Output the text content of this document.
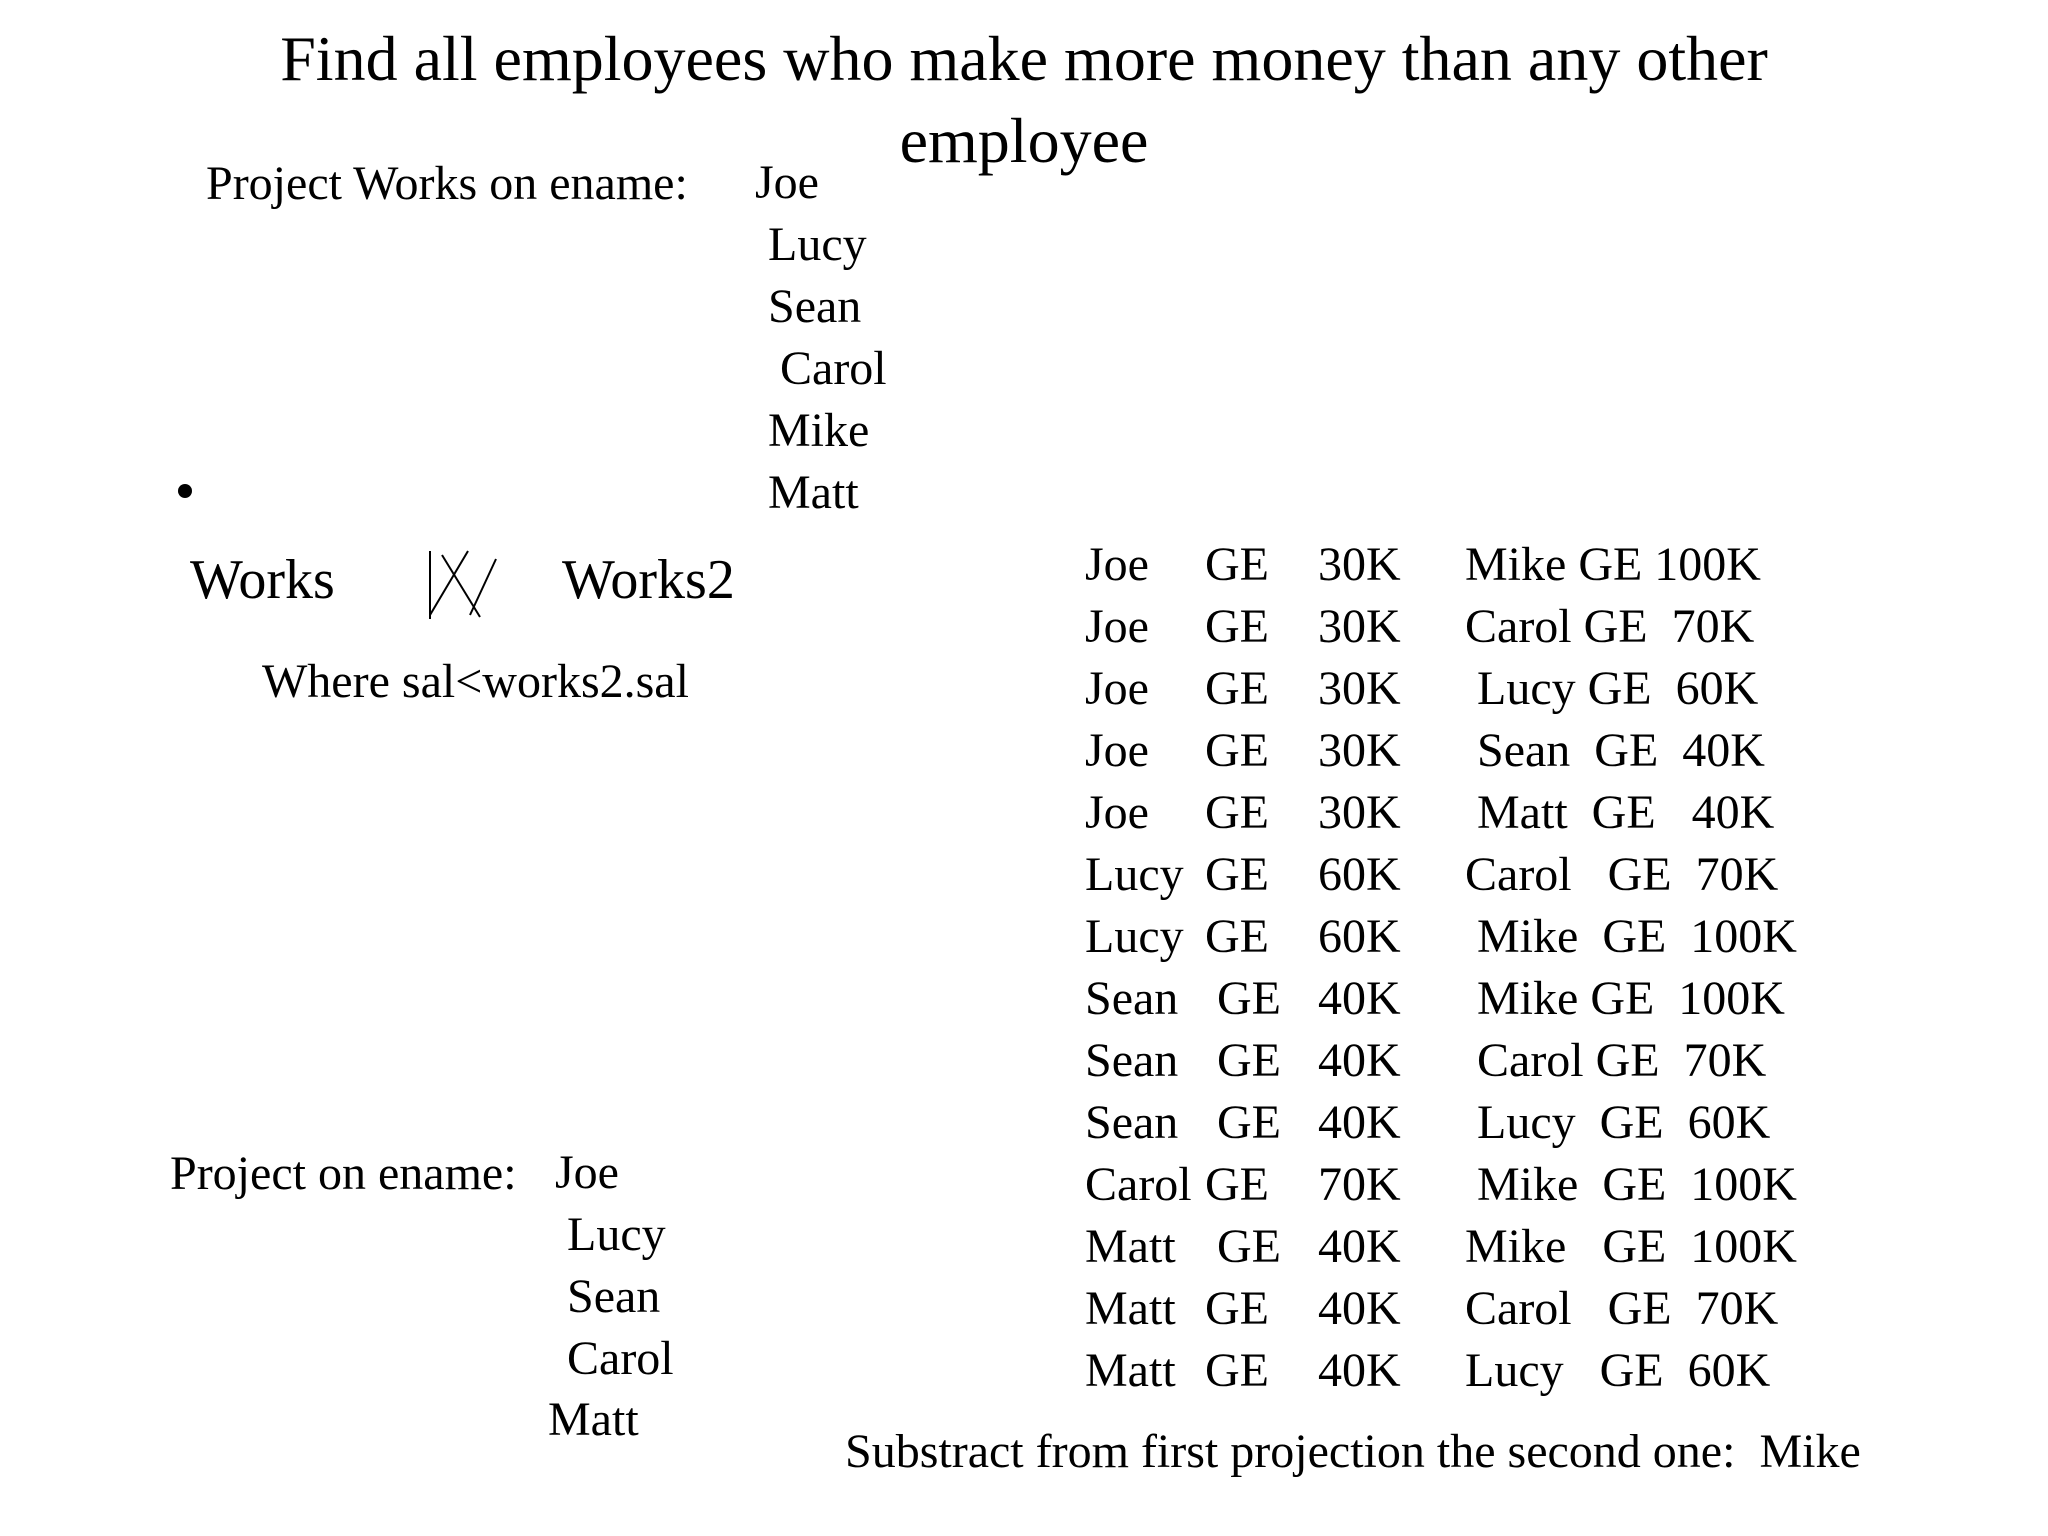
Find all employees who make more money than any other
employee
Project Works on ename: Joe
Lucy
Sean
Carol
Mike
Matt
Works	Works2
Where sal<works2.sal
Project on ename: Joe
Lucy
Sean
Carol
Matt
Joe
Joe
Joe
Joe
Joe
Lucy
Lucy
Sean
Sean
Sean
Carol
Matt
Matt
Matt
GE
GE
GE
GE
GE
GE
GE
GE
GE
GE
GE
GE
GE
GE
30K
30K
30K
30K
30K
60K
60K
40K
40K
40K
70K
40K
40K
40K
Mike GE 100K
Carol GE  70K
Lucy GE  60K
Sean  GE  40K
Matt  GE   40K
Carol   GE  70K
Mike  GE  100K
Mike GE  100K
Carol GE  70K
Lucy  GE  60K
Mike  GE  100K
Mike   GE  100K
Carol   GE  70K
Lucy   GE  60K
Substract from first projection the second one:  Mike
